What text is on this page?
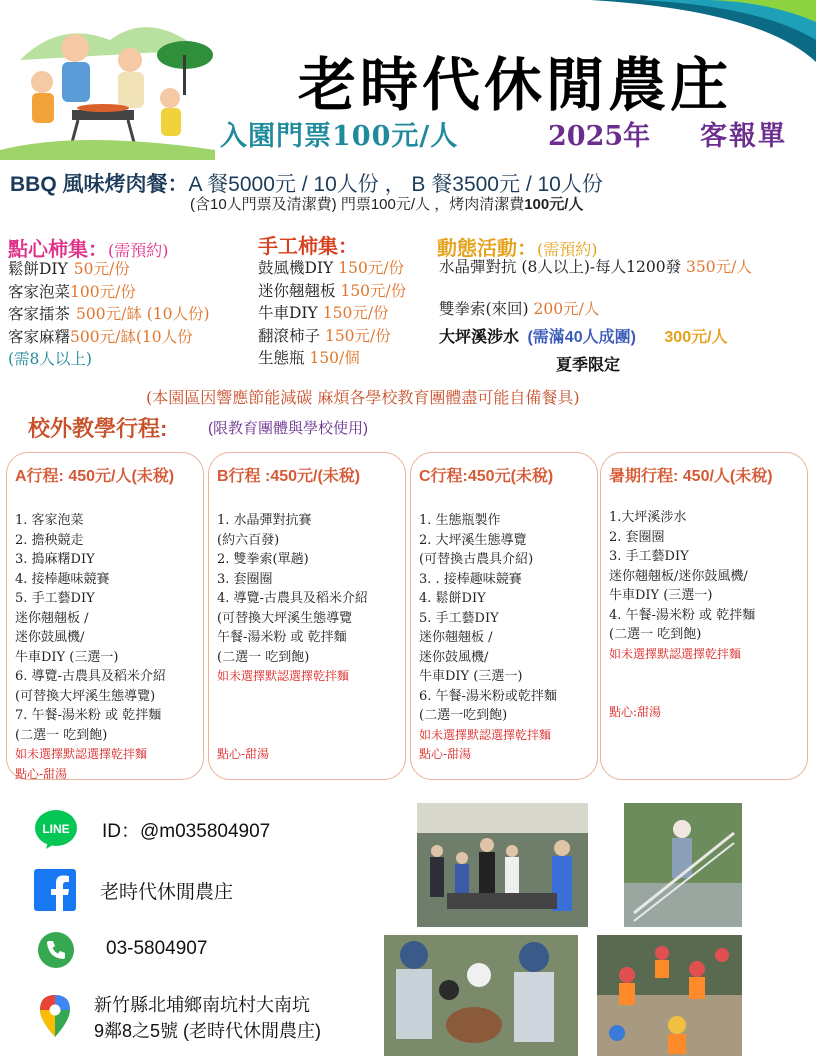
老時代休閒農庄
入園門票100元/人	2025年 客報單
BBQ 風味烤肉餐：A 餐5000元 / 10人份 ， B 餐3500元 / 10人份
(含10人門票及清潔費) 門票100元/人 ，烤肉清潔費100元/人
點心柿集：(需預約)
鬆餅DIY 50元/份
客家泡菜100元/份
客家擂茶 500元/缽 (10人份)
客家麻糬500元/缽(10人份
(需8人以上)
手工柿集：
鼓風機DIY 150元/份
迷你翹翹板 150元/份
牛車DIY 150元/份
翻滾柿子 150元/份
生態瓶 150/個
動態活動：(需預約)
水晶彈對抗 (8人以上)-每人1200發 350元/人
雙拳索(來回) 200元/人
大坪溪涉水 (需滿40人成團) 300元/人
夏季限定
(本園區因響應節能減碳 麻煩各學校教育團體盡可能自備餐具)
校外教學行程:	(限教育團體與學校使用)
A行程: 450元/人(未稅)
1. 客家泡菜
2. 擔秧競走
3. 搗麻糬DIY
4. 接棒趣味競賽
5. 手工藝DIY
迷你翹翹板 /
迷你鼓風機/
牛車DIY (三選一)
6. 導覽-古農具及稻米介紹
(可替換大坪溪生態導覽)
7. 午餐-湯米粉 或 乾拌麵
(二選一 吃到飽)
如未選擇默認選擇乾拌麵
點心-甜湯
B行程 :450元/(未稅)
1. 水晶彈對抗賽
(約六百發)
2. 雙拳索(單趟)
3. 套圈圈
4. 導覽-古農具及稻米介紹
(可替換大坪溪生態導覽
午餐-湯米粉 或 乾拌麵
(二選一 吃到飽)
如未選擇默認選擇乾拌麵

點心-甜湯
C行程:450元(未稅)
1. 生態瓶製作
2. 大坪溪生態導覽
(可替換古農具介紹)
3. . 接棒趣味競賽
4. 鬆餅DIY
5. 手工藝DIY
迷你翹翹板 /
迷你鼓風機/
牛車DIY (三選一)
6. 午餐-湯米粉或乾拌麵
(二選一吃到飽)
如未選擇默認選擇乾拌麵
點心-甜湯
暑期行程: 450/人(未稅)
1.大坪溪涉水
2. 套圈圈
3. 手工藝DIY
迷你翹翹板/迷你鼓風機/
牛車DIY (三選一)
4. 午餐-湯米粉 或 乾拌麵
(二選一 吃到飽)
如未選擇默認選擇乾拌麵

點心:甜湯
LINE ID：@m035804907
老時代休閒農庄
03-5804907
新竹縣北埔鄉南坑村大南坑
9鄰8之5號 (老時代休閒農庄)
